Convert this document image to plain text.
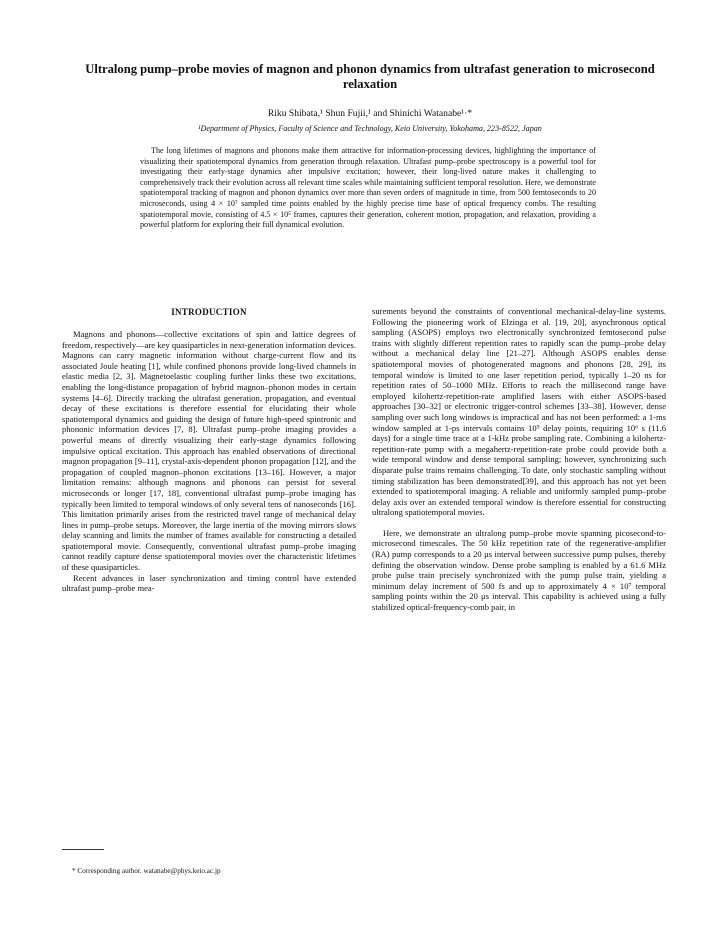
Ultralong pump–probe movies of magnon and phonon dynamics from ultrafast generation to microsecond relaxation
Riku Shibata,¹ Shun Fujii,¹ and Shinichi Watanabe¹·*
¹Department of Physics, Faculty of Science and Technology, Keio University, Yokohama, 223-8522, Japan

The long lifetimes of magnons and phonons make them attractive for information-processing devices, highlighting the importance of visualizing their spatiotemporal dynamics from generation through relaxation. Ultrafast pump–probe spectroscopy is a powerful tool for investigating their early-stage dynamics after impulsive excitation; however, their long-lived nature makes it challenging to comprehensively track their evolution across all relevant time scales while maintaining sufficient temporal resolution. Here, we demonstrate spatiotemporal tracking of magnon and phonon dynamics over more than seven orders of magnitude in time, from 500 femtoseconds to 20 microseconds, using 4 × 10⁷ sampled time points enabled by the highly precise time base of optical frequency combs. The resulting spatiotemporal movie, consisting of 4.5 × 10⁵ frames, captures their generation, coherent motion, propagation, and relaxation, providing a powerful platform for exploring their full dynamical evolution.

INTRODUCTION

Magnons and phonons—collective excitations of spin and lattice degrees of freedom, respectively—are key quasiparticles in next-generation information devices. Magnons can carry magnetic information without charge-current flow and its associated Joule heating [1], while confined phonons provide long-lived channels in elastic media [2, 3]. Magnetoelastic coupling further links these two excitations, enabling the long-distance propagation of hybrid magnon–phonon modes in certain systems [4–6]. Directly tracking the ultrafast generation, propagation, and eventual decay of these excitations is therefore essential for elucidating their whole spatiotemporal dynamics and guiding the design of future high-speed spintronic and phononic information devices [7, 8]. Ultrafast pump–probe imaging provides a powerful means of directly visualizing their early-stage dynamics following impulsive optical excitation. This approach has enabled observations of directional magnon propagation [9–11], crystal-axis-dependent phonon propagation [12], and the propagation of coupled magnon–phonon excitations [13–16]. However, a major limitation remains: although magnons and phonons can persist for several microseconds or longer [17, 18], conventional ultrafast pump–probe imaging has typically been limited to temporal windows of only several tens of nanoseconds [16]. This limitation primarily arises from the restricted travel range of mechanical delay lines in pump–probe setups. Moreover, the large inertia of the moving mirrors slows delay scanning and limits the number of frames available for constructing a detailed spatiotemporal movie. Consequently, conventional ultrafast pump–probe imaging cannot readily capture dense spatiotemporal movies over the characteristic lifetimes of these quasiparticles.

Recent advances in laser synchronization and timing control have extended ultrafast pump–probe mea-

surements beyond the constraints of conventional mechanical-delay-line systems. Following the pioneering work of Elzinga et al. [19, 20], asynchronous optical sampling (ASOPS) employs two electronically synchronized femtosecond pulse trains with slightly different repetition rates to rapidly scan the pump–probe delay without a mechanical delay line [21–27]. Although ASOPS enables dense spatiotemporal movies of photogenerated magnons and phonons [28, 29], its temporal window is limited to one laser repetition period, typically 1–20 ns for repetition rates of 50–1000 MHz. Efforts to reach the millisecond range have employed kilohertz-repetition-rate amplified lasers with either ASOPS-based approaches [30–32] or electronic trigger-control schemes [33–38]. However, dense sampling over such long windows is impractical and has not been performed: a 1-ms window sampled at 1-ps intervals contains 10⁹ delay points, requiring 10⁶ s (11.6 days) for a single time trace at a 1-kHz probe sampling rate. Combining a kilohertz-repetition-rate pump with a megahertz-repetition-rate probe could provide both a wide temporal window and dense temporal sampling; however, synchronizing such disparate pulse trains remains challenging. To date, only stochastic sampling without timing stabilization has been demonstrated[39], and this approach has not yet been extended to spatiotemporal imaging. A reliable and uniformly sampled pump–probe delay axis over an extended temporal window is therefore essential for constructing ultralong spatiotemporal movies.

Here, we demonstrate an ultralong pump–probe movie spanning picosecond-to-microsecond timescales. The 50 kHz repetition rate of the regenerative-amplifier (RA) pump corresponds to a 20 μs interval between successive pump pulses, thereby defining the observation window. Dense probe sampling is enabled by a 61.6 MHz probe pulse train precisely synchronized with the pump pulse train, yielding a minimum delay increment of 500 fs and up to approximately 4 × 10⁷ temporal sampling points within the 20 μs interval. This capability is achieved using a fully stabilized optical-frequency-comb pair, in

* Corresponding author. watanabe@phys.keio.ac.jp
